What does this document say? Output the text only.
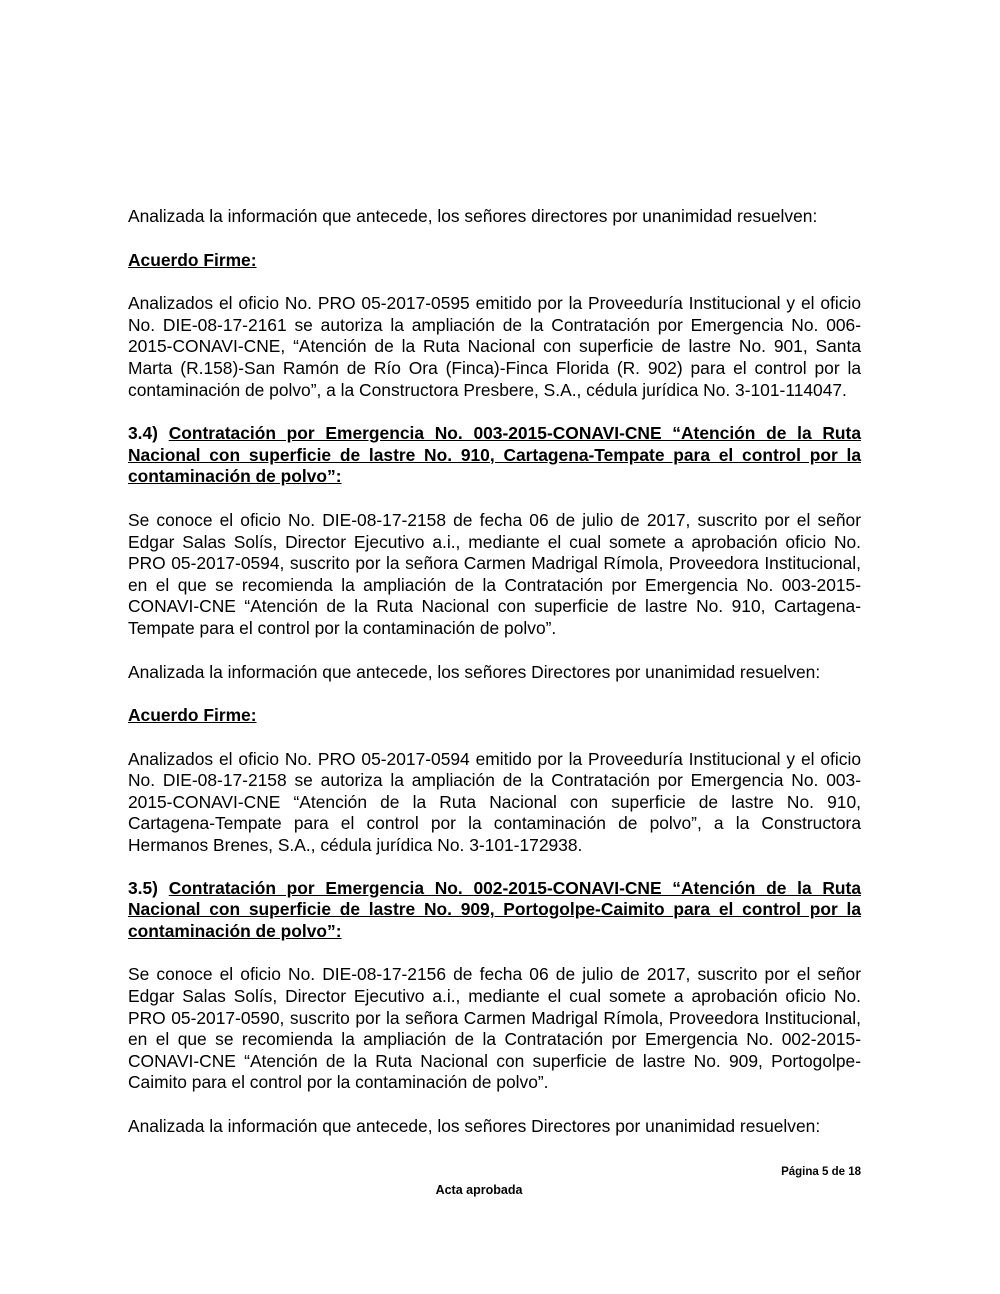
Analizada la información que antecede, los señores directores por unanimidad resuelven:

Acuerdo Firme:

Analizados el oficio No. PRO 05-2017-0595 emitido por la Proveeduría Institucional y el oficio No. DIE-08-17-2161 se autoriza la ampliación de la Contratación por Emergencia No. 006-2015-CONAVI-CNE, “Atención de la Ruta Nacional con superficie de lastre No. 901, Santa Marta (R.158)-San Ramón de Río Ora (Finca)-Finca Florida (R. 902) para el control por la contaminación de polvo”, a la Constructora Presbere, S.A., cédula jurídica No. 3-101-114047.

3.4) Contratación por Emergencia No. 003-2015-CONAVI-CNE “Atención de la Ruta Nacional con superficie de lastre No. 910, Cartagena-Tempate para el control por la contaminación de polvo”:

Se conoce el oficio No. DIE-08-17-2158 de fecha 06 de julio de 2017, suscrito por el señor Edgar Salas Solís, Director Ejecutivo a.i., mediante el cual somete a aprobación oficio No. PRO 05-2017-0594, suscrito por la señora Carmen Madrigal Rímola, Proveedora Institucional, en el que se recomienda la ampliación de la Contratación por Emergencia No. 003-2015-CONAVI-CNE “Atención de la Ruta Nacional con superficie de lastre No. 910, Cartagena-Tempate para el control por la contaminación de polvo”.

Analizada la información que antecede, los señores Directores por unanimidad resuelven:

Acuerdo Firme:

Analizados el oficio No. PRO 05-2017-0594 emitido por la Proveeduría Institucional y el oficio No. DIE-08-17-2158 se autoriza la ampliación de la Contratación por Emergencia No. 003-2015-CONAVI-CNE “Atención de la Ruta Nacional con superficie de lastre No. 910, Cartagena-Tempate para el control por la contaminación de polvo”, a la Constructora Hermanos Brenes, S.A., cédula jurídica No. 3-101-172938.

3.5) Contratación por Emergencia No. 002-2015-CONAVI-CNE “Atención de la Ruta Nacional con superficie de lastre No. 909, Portogolpe-Caimito para el control por la contaminación de polvo”:

Se conoce el oficio No. DIE-08-17-2156 de fecha 06 de julio de 2017, suscrito por el señor Edgar Salas Solís, Director Ejecutivo a.i., mediante el cual somete a aprobación oficio No. PRO 05-2017-0590, suscrito por la señora Carmen Madrigal Rímola, Proveedora Institucional, en el que se recomienda la ampliación de la Contratación por Emergencia No. 002-2015-CONAVI-CNE “Atención de la Ruta Nacional con superficie de lastre No. 909, Portogolpe-Caimito para el control por la contaminación de polvo”.

Analizada la información que antecede, los señores Directores por unanimidad resuelven:

Página 5 de 18
Acta aprobada
